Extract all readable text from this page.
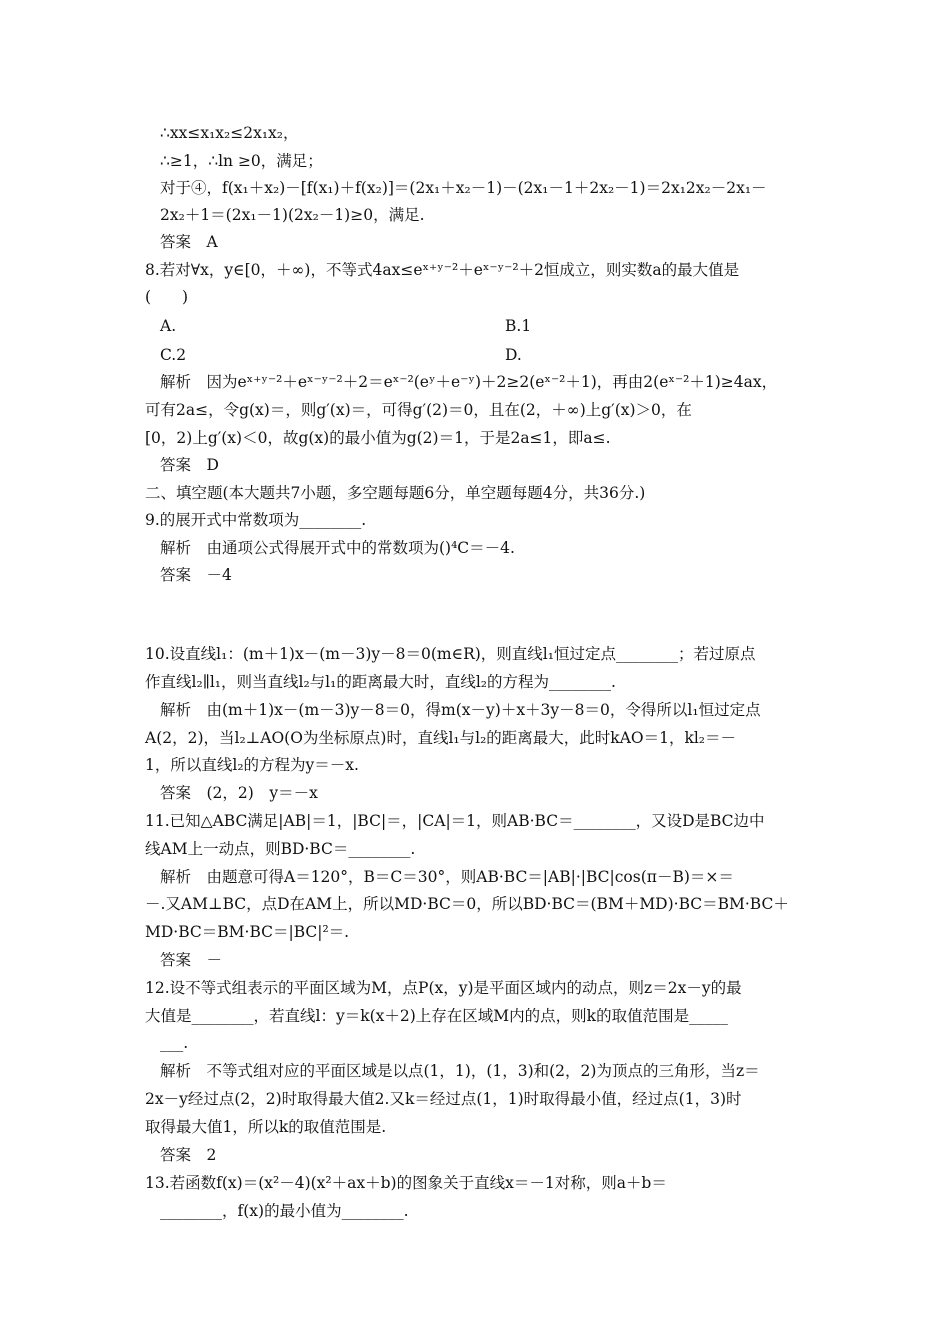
∴xx≤x₁x₂≤2x₁x₂，
∴≥1，∴ln ≥0，满足；
对于④，f(x₁＋x₂)－[f(x₁)＋f(x₂)]＝(2x₁＋x₂－1)－(2x₁－1＋2x₂－1)＝2x₁2x₂－2x₁－
2x₂＋1＝(2x₁－1)(2x₂－1)≥0，满足.
答案　A
8.若对∀x，y∈[0，＋∞)，不等式4ax≤eˣ⁺ʸ⁻²＋eˣ⁻ʸ⁻²＋2恒成立，则实数a的最大值是
(　　)
A.	B.1
C.2	D.
解析　因为eˣ⁺ʸ⁻²＋eˣ⁻ʸ⁻²＋2＝eˣ⁻²(eʸ＋e⁻ʸ)＋2≥2(eˣ⁻²＋1)，再由2(eˣ⁻²＋1)≥4ax，
可有2a≤，令g(x)＝，则g′(x)＝，可得g′(2)＝0，且在(2，＋∞)上g′(x)＞0，在
[0，2)上g′(x)＜0，故g(x)的最小值为g(2)＝1，于是2a≤1，即a≤.
答案　D
二、填空题(本大题共7小题，多空题每题6分，单空题每题4分，共36分.)
9.的展开式中常数项为________.
解析　由通项公式得展开式中的常数项为()⁴C＝－4.
答案　－4
10.设直线l₁：(m＋1)x－(m－3)y－8＝0(m∈R)，则直线l₁恒过定点________；若过原点
作直线l₂∥l₁，则当直线l₂与l₁的距离最大时，直线l₂的方程为________.
解析　由(m＋1)x－(m－3)y－8＝0，得m(x－y)＋x＋3y－8＝0，令得所以l₁恒过定点
A(2，2)，当l₂⊥AO(O为坐标原点)时，直线l₁与l₂的距离最大，此时kAO＝1，kl₂＝－
1，所以直线l₂的方程为y＝－x.
答案　(2，2)　y＝－x
11.已知△ABC满足|AB|＝1，|BC|＝，|CA|＝1，则AB·BC＝________，又设D是BC边中
线AM上一动点，则BD·BC＝________.
解析　由题意可得A＝120°，B＝C＝30°，则AB·BC＝|AB|·|BC|cos(π－B)＝×＝
－.又AM⊥BC，点D在AM上，所以MD·BC＝0，所以BD·BC＝(BM＋MD)·BC＝BM·BC＋
MD·BC＝BM·BC＝|BC|²＝.
答案　－
12.设不等式组表示的平面区域为M，点P(x，y)是平面区域内的动点，则z＝2x－y的最
大值是________，若直线l：y＝k(x＋2)上存在区域M内的点，则k的取值范围是_____
___.
解析　不等式组对应的平面区域是以点(1，1)，(1，3)和(2，2)为顶点的三角形，当z＝
2x－y经过点(2，2)时取得最大值2.又k＝经过点(1，1)时取得最小值，经过点(1，3)时
取得最大值1，所以k的取值范围是.
答案　2
13.若函数f(x)＝(x²－4)(x²＋ax＋b)的图象关于直线x＝－1对称，则a＋b＝
________，f(x)的最小值为________.
